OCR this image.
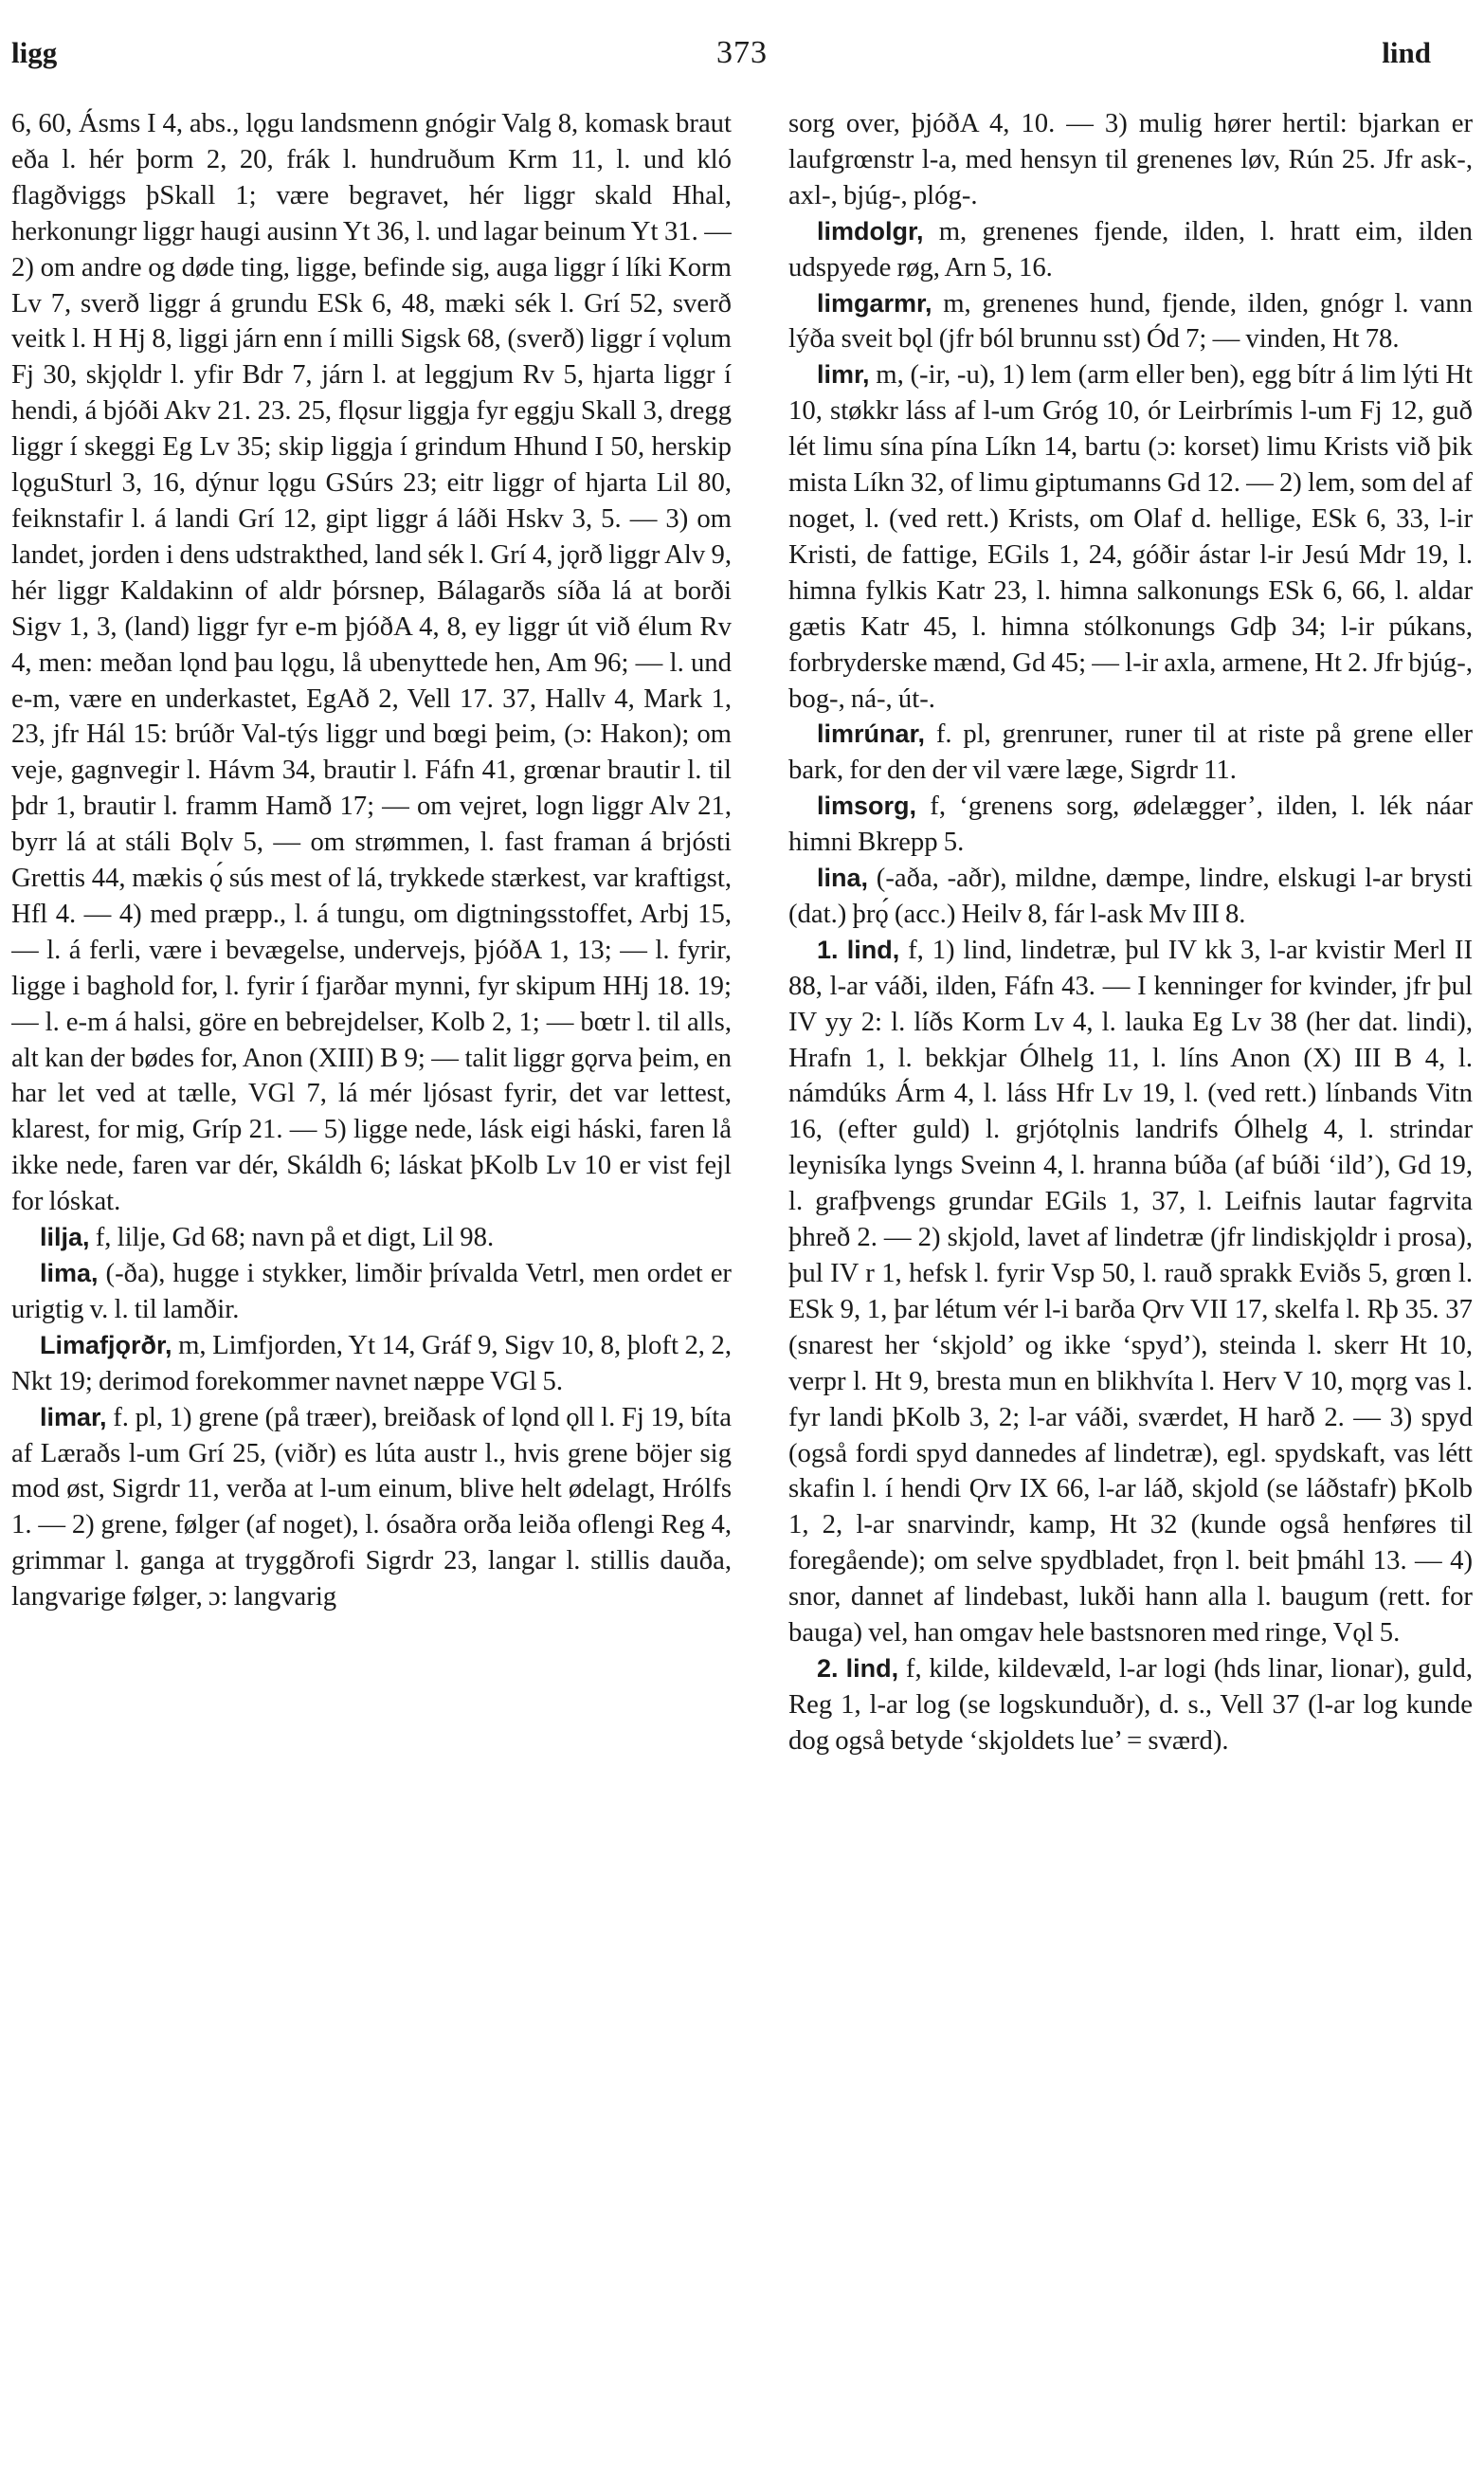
ligg	373	lind

6, 60, Ásms I 4, abs., lǫgu landsmenn gnógir Valg 8, komask braut eða l. hér þorm 2, 20, frák l. hundruðum Krm 11, l. und kló flagðviggs þSkall 1; være begravet, hér liggr skald Hhal, herkonungr liggr haugi ausinn Yt 36, l. und lagar beinum Yt 31. — 2) om andre og døde ting, ligge, befinde sig, auga liggr í líki Korm Lv 7, sverð liggr á grundu ESk 6, 48, mæki sék l. Grí 52, sverð veitk l. H Hj 8, liggi járn enn í milli Sigsk 68, (sverð) liggr í vǫlum Fj 30, skjǫldr l. yfir Bdr 7, járn l. at leggjum Rv 5, hjarta liggr í hendi, á bjóði Akv 21. 23. 25, flǫsur liggja fyr eggju Skall 3, dregg liggr í skeggi Eg Lv 35; skip liggja í grindum Hhund I 50, herskip lǫguSturl 3, 16, dýnur lǫgu GSúrs 23; eitr liggr of hjarta Lil 80, feiknstafir l. á landi Grí 12, gipt liggr á láði Hskv 3, 5. — 3) om landet, jorden i dens udstrakthed, land sék l. Grí 4, jǫrð liggr Alv 9, hér liggr Kaldakinn of aldr þórsnep, Bálagarðs síða lá at borði Sigv 1, 3, (land) liggr fyr e-m þjóðA 4, 8, ey liggr út við élum Rv 4, men: meðan lǫnd þau lǫgu, lå ubenyttede hen, Am 96; — l. und e-m, være en underkastet, EgAð 2, Vell 17. 37, Hallv 4, Mark 1, 23, jfr Hál 15: brúðr Val-týs liggr und bœgi þeim, (ɔ: Hakon); om veje, gagnvegir l. Hávm 34, brautir l. Fáfn 41, grœnar brautir l. til þdr 1, brautir l. framm Hamð 17; — om vejret, logn liggr Alv 21, byrr lá at stáli Bǫlv 5, — om strømmen, l. fast framan á brjósti Grettis 44, mækis ǫ́ sús mest of lá, trykkede stærkest, var kraftigst, Hfl 4. — 4) med præpp., l. á tungu, om digtningsstoffet, Arbj 15, — l. á ferli, være i bevægelse, undervejs, þjóðA 1, 13; — l. fyrir, ligge i baghold for, l. fyrir í fjarðar mynni, fyr skipum HHj 18. 19; — l. e-m á halsi, göre en bebrejdelser, Kolb 2, 1; — bœtr l. til alls, alt kan der bødes for, Anon (XIII) B 9; — talit liggr gǫrva þeim, en har let ved at tælle, VGl 7, lá mér ljósast fyrir, det var lettest, klarest, for mig, Gríp 21. — 5) ligge nede, lásk eigi háski, faren lå ikke nede, faren var dér, Skáldh 6; láskat þKolb Lv 10 er vist fejl for lóskat.

lilja, f, lilje, Gd 68; navn på et digt, Lil 98.

lima, (-ða), hugge i stykker, limðir þrívalda Vetrl, men ordet er urigtig v. l. til lamðir.

Limafjǫrðr, m, Limfjorden, Yt 14, Gráf 9, Sigv 10, 8, þloft 2, 2, Nkt 19; derimod forekommer navnet næppe VGl 5.

limar, f. pl, 1) grene (på træer), breiðask of lǫnd ǫll l. Fj 19, bíta af Læraðs l-um Grí 25, (viðr) es lúta austr l., hvis grene böjer sig mod øst, Sigrdr 11, verða at l-um einum, blive helt ødelagt, Hrólfs 1. — 2) grene, følger (af noget), l. ósaðra orða leiða oflengi Reg 4, grimmar l. ganga at tryggðrofi Sigrdr 23, langar l. stillis dauða, langvarige følger, ɔ: langvarig

sorg over, þjóðA 4, 10. — 3) mulig hører hertil: bjarkan er laufgrœnstr l-a, med hensyn til grenenes løv, Rún 25. Jfr ask-, axl-, bjúg-, plóg-.

limdolgr, m, grenenes fjende, ilden, l. hratt eim, ilden udspyede røg, Arn 5, 16.

limgarmr, m, grenenes hund, fjende, ilden, gnógr l. vann lýða sveit bǫl (jfr ból brunnu sst) Ód 7; — vinden, Ht 78.

limr, m, (-ir, -u), 1) lem (arm eller ben), egg bítr á lim lýti Ht 10, støkkr láss af l-um Gróg 10, ór Leirbrímis l-um Fj 12, guð lét limu sína pína Líkn 14, bartu (ɔ: korset) limu Krists við þik mista Líkn 32, of limu giptumanns Gd 12. — 2) lem, som del af noget, l. (ved rett.) Krists, om Olaf d. hellige, ESk 6, 33, l-ir Kristi, de fattige, EGils 1, 24, góðir ástar l-ir Jesú Mdr 19, l. himna fylkis Katr 23, l. himna salkonungs ESk 6, 66, l. aldar gætis Katr 45, l. himna stólkonungs Gdþ 34; l-ir púkans, forbryderske mænd, Gd 45; — l-ir axla, armene, Ht 2. Jfr bjúg-, bog-, ná-, út-.

limrúnar, f. pl, grenruner, runer til at riste på grene eller bark, for den der vil være læge, Sigrdr 11.

limsorg, f, ‘grenens sorg, ødelægger’, ilden, l. lék náar himni Bkrepp 5.

lina, (-aða, -aðr), mildne, dæmpe, lindre, elskugi l-ar brysti (dat.) þrǫ́ (acc.) Heilv 8, fár l-ask Mv III 8.

1. lind, f, 1) lind, lindetræ, þul IV kk 3, l-ar kvistir Merl II 88, l-ar váði, ilden, Fáfn 43. — I kenninger for kvinder, jfr þul IV yy 2: l. líðs Korm Lv 4, l. lauka Eg Lv 38 (her dat. lindi), Hrafn 1, l. bekkjar Ólhelg 11, l. líns Anon (X) III B 4, l. námdúks Árm 4, l. láss Hfr Lv 19, l. (ved rett.) línbands Vitn 16, (efter guld) l. grjótǫlnis landrifs Ólhelg 4, l. strindar leynisíka lyngs Sveinn 4, l. hranna búða (af búði ‘ild’), Gd 19, l. grafþvengs grundar EGils 1, 37, l. Leifnis lautar fagrvita þhreð 2. — 2) skjold, lavet af lindetræ (jfr lindiskjǫldr i prosa), þul IV r 1, hefsk l. fyrir Vsp 50, l. rauð sprakk Eviðs 5, grœn l. ESk 9, 1, þar létum vér l-i barða Ǫrv VII 17, skelfa l. Rþ 35. 37 (snarest her ‘skjold’ og ikke ‘spyd’), steinda l. skerr Ht 10, verpr l. Ht 9, bresta mun en blikhvíta l. Herv V 10, mǫrg vas l. fyr landi þKolb 3, 2; l-ar váði, sværdet, H harð 2. — 3) spyd (også fordi spyd dannedes af lindetræ), egl. spydskaft, vas létt skafin l. í hendi Ǫrv IX 66, l-ar láð, skjold (se láðstafr) þKolb 1, 2, l-ar snarvindr, kamp, Ht 32 (kunde også henføres til foregående); om selve spydbladet, frǫn l. beit þmáhl 13. — 4) snor, dannet af lindebast, lukði hann alla l. baugum (rett. for bauga) vel, han omgav hele bastsnoren med ringe, Vǫl 5.

2. lind, f, kilde, kildevæld, l-ar logi (hds linar, lionar), guld, Reg 1, l-ar log (se logskunduðr), d. s., Vell 37 (l-ar log kunde dog også betyde ‘skjoldets lue’ = sværd).
